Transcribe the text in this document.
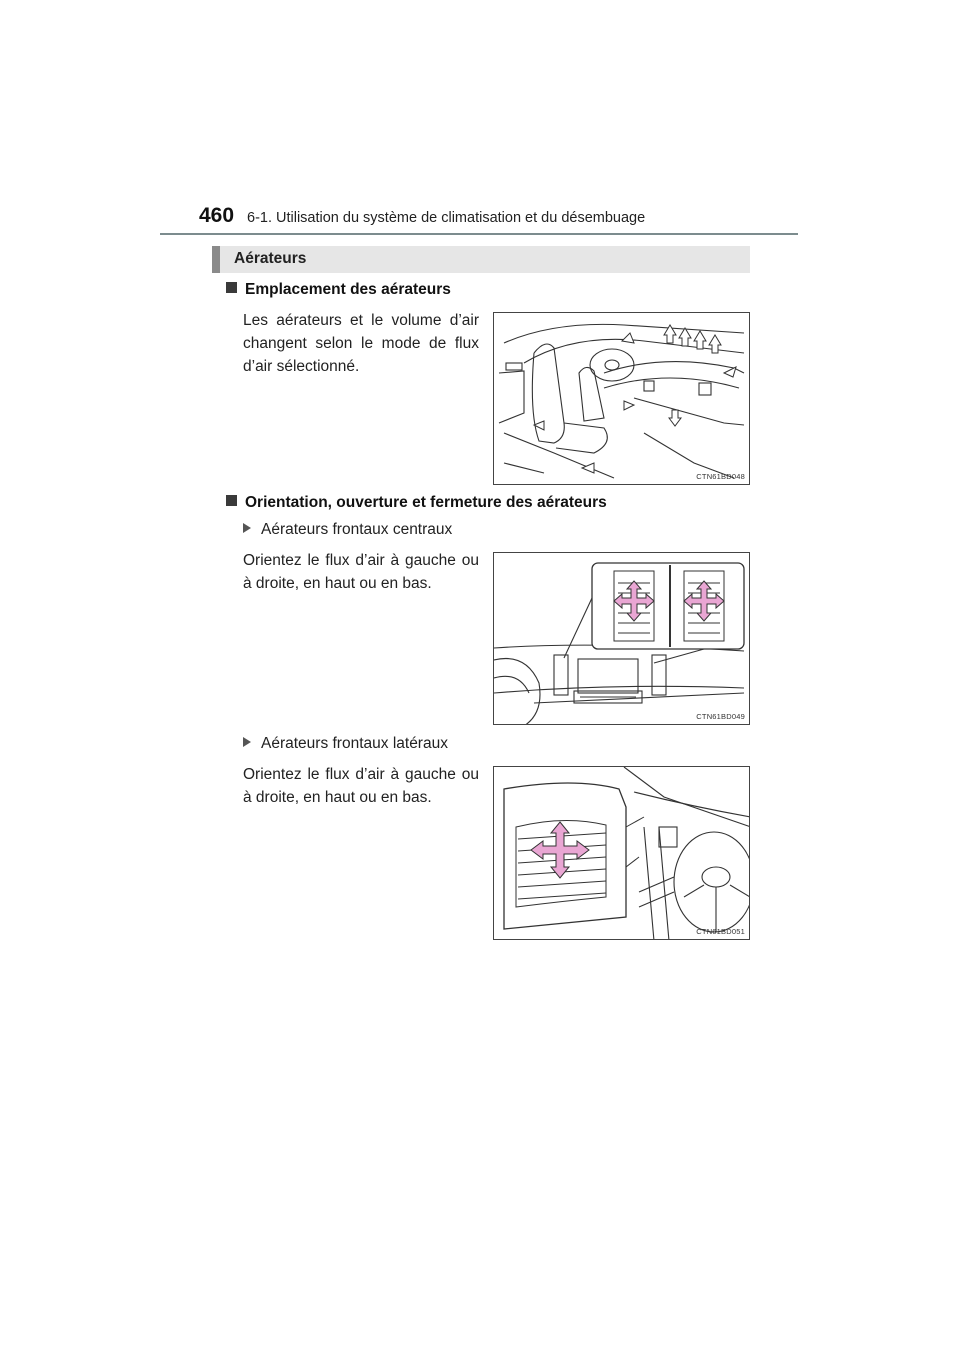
460 6-1. Utilisation du système de climatisation et du désembuage
Aérateurs
Emplacement des aérateurs
Les aérateurs et le volume d’air changent selon le mode de flux d’air sélectionné.
CTN61BD048
Orientation, ouverture et fermeture des aérateurs
Aérateurs frontaux centraux
Orientez le flux d’air à gauche ou à droite, en haut ou en bas.
CTN61BD049
Aérateurs frontaux latéraux
Orientez le flux d’air à gauche ou à droite, en haut ou en bas.
CTN61BD051
